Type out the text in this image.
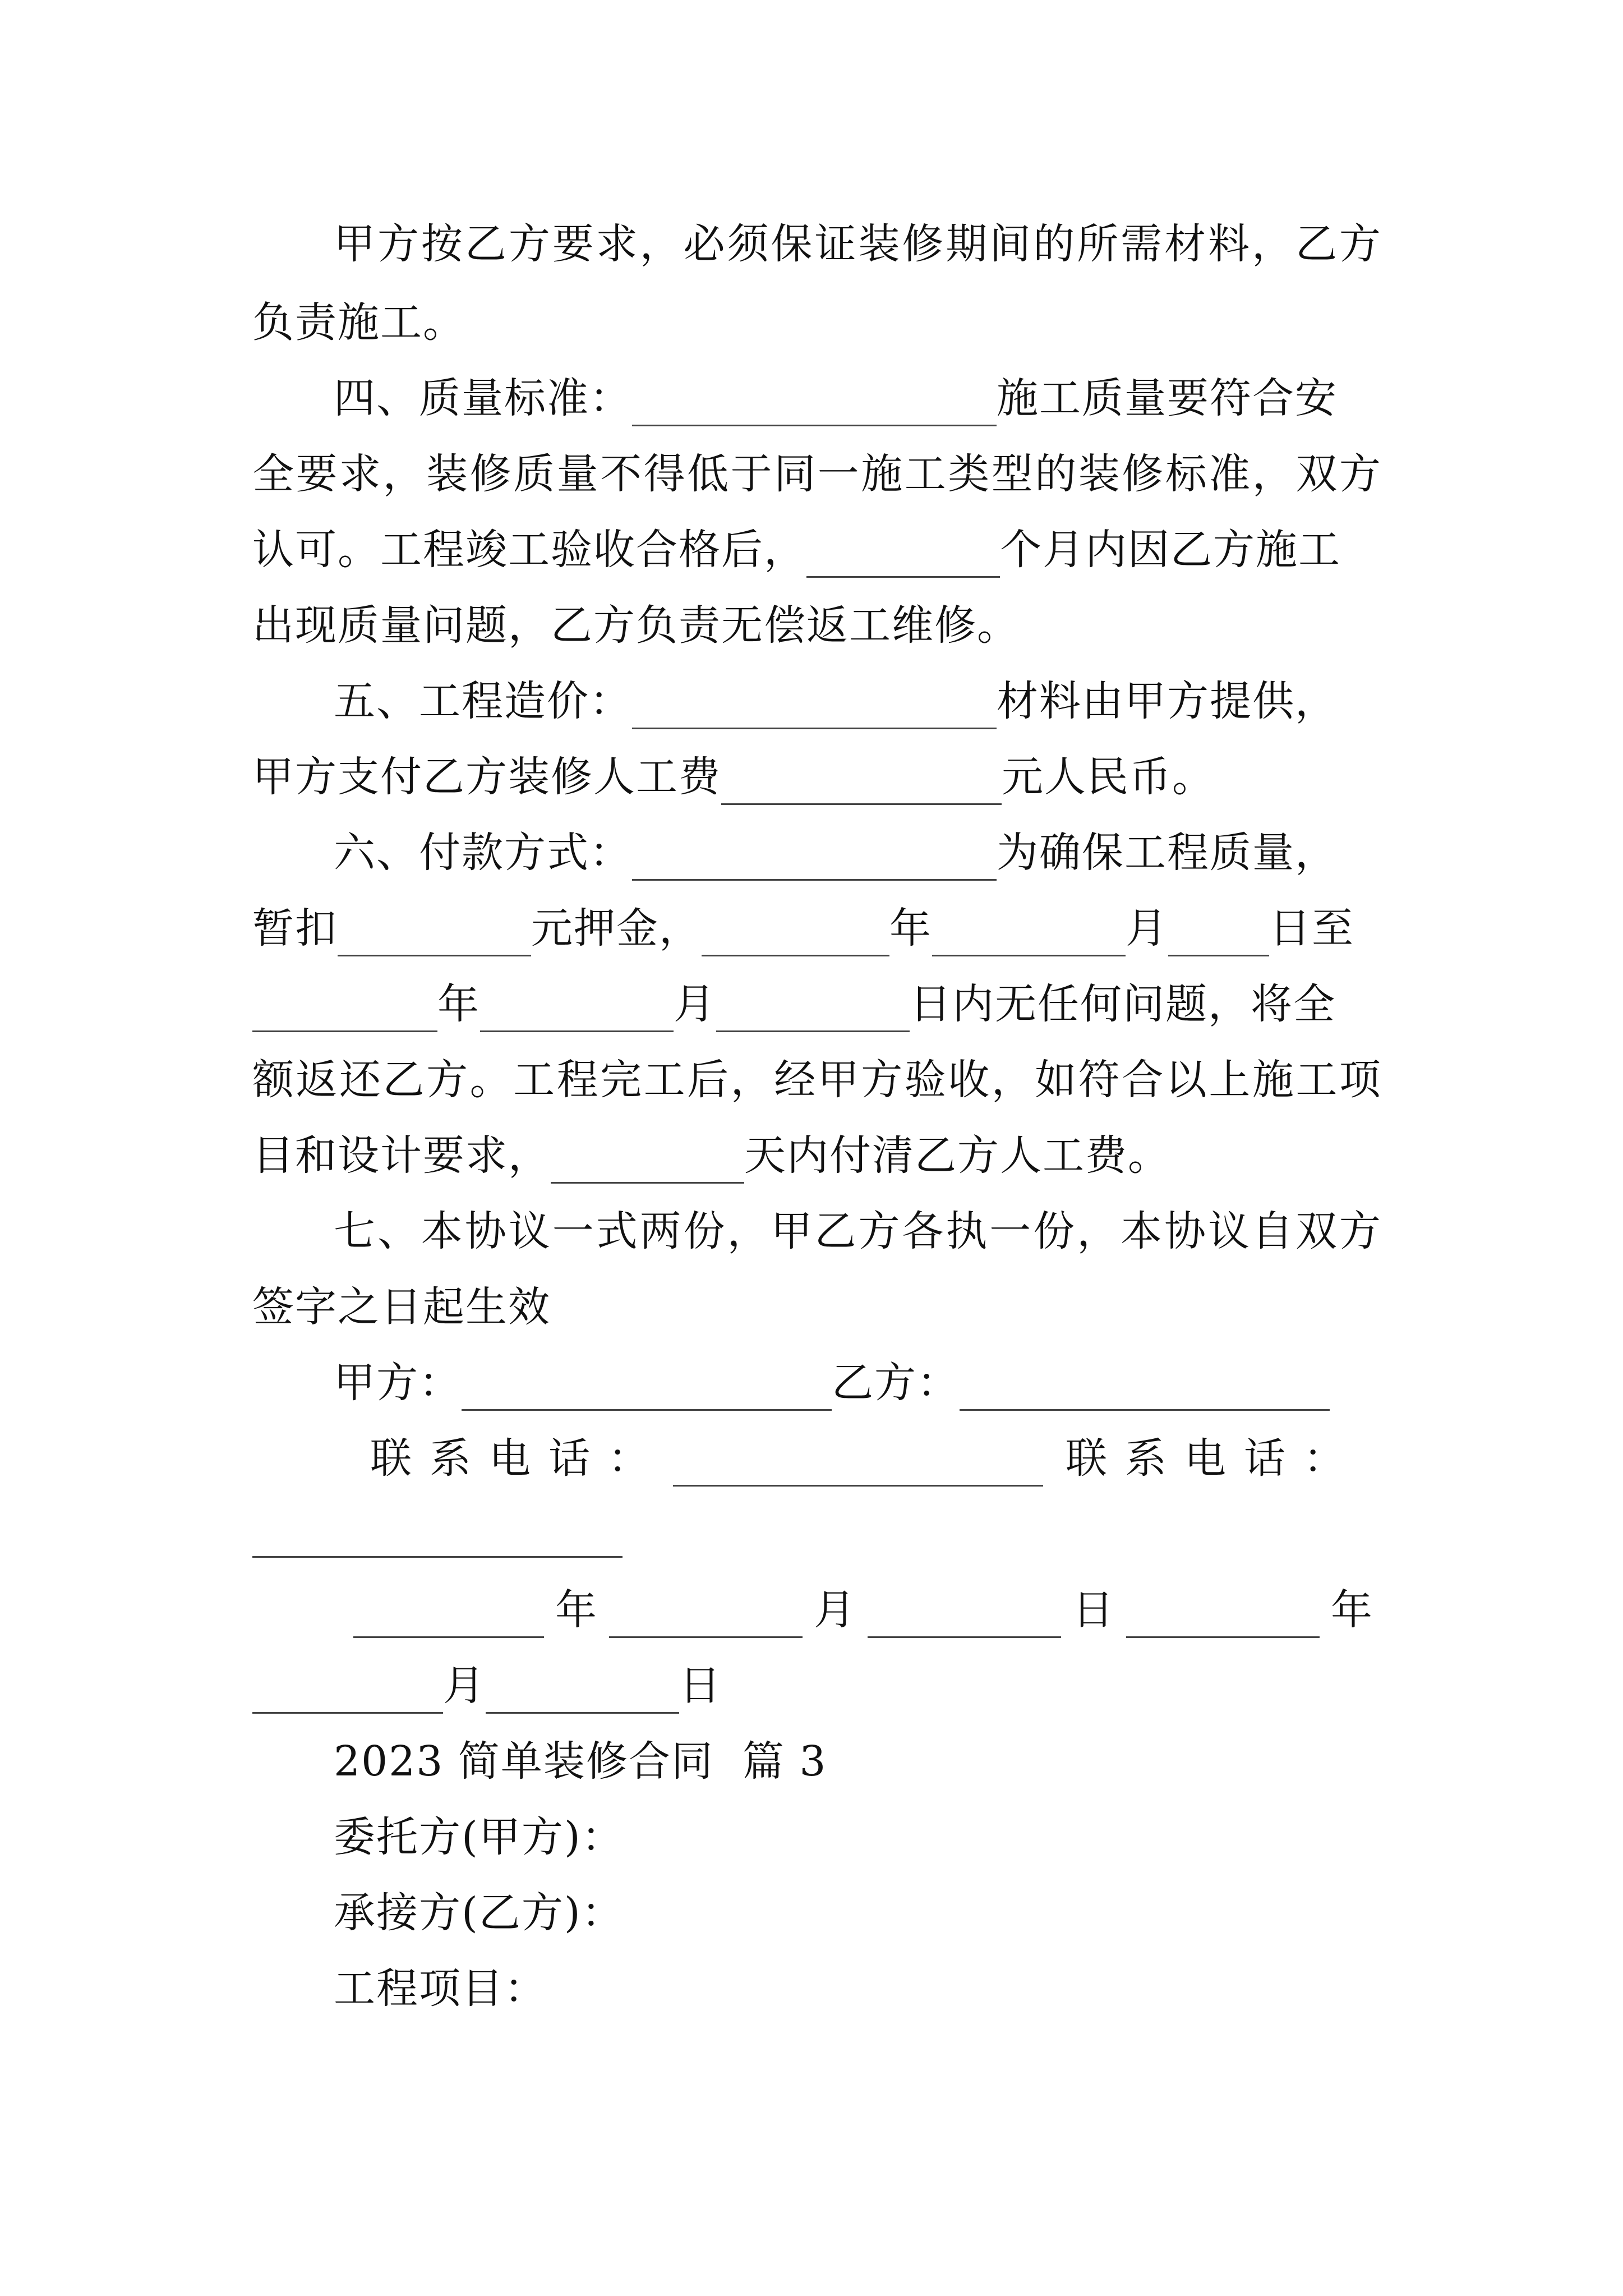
甲 方 按 乙 方 要 求 ， 必 须 保 证 装 修 期 间 的 所 需 材 料 ， 乙 方
负责施工。
四、质量标准：	施工质量要符合安
全 要 求 ， 装 修 质 量 不 得 低 于 同 一 施 工 类 型 的 装 修 标 准 ， 双 方
认可。工程竣工验收合格后，	个月内因乙方施工
出现质量问题，乙方负责无偿返工维修。
五、工程造价：	材料由甲方提供，
甲方支付乙方装修人工费	元人民币。
六、付款方式：	为确保工程质量，
暂扣	元押金，	年	月 日至
年	月	日内无任何问题，将全
额 返 还 乙 方 。 工 程 完 工 后 ， 经 甲 方 验 收 ， 如 符 合 以 上 施 工 项
目和设计要求，	天内付清乙方人工费。
七 、 本 协 议 一 式 两 份 ， 甲 乙 方 各 执 一 份 ， 本 协 议 自 双 方
签字之日起生效
甲方：	乙方：
联 系 电 话 ：	联 系 电 话 ：
年	月	日	年
月	日
2023 简单装修合同  篇 3
委托方(甲方)：
承接方(乙方)：
工程项目：
